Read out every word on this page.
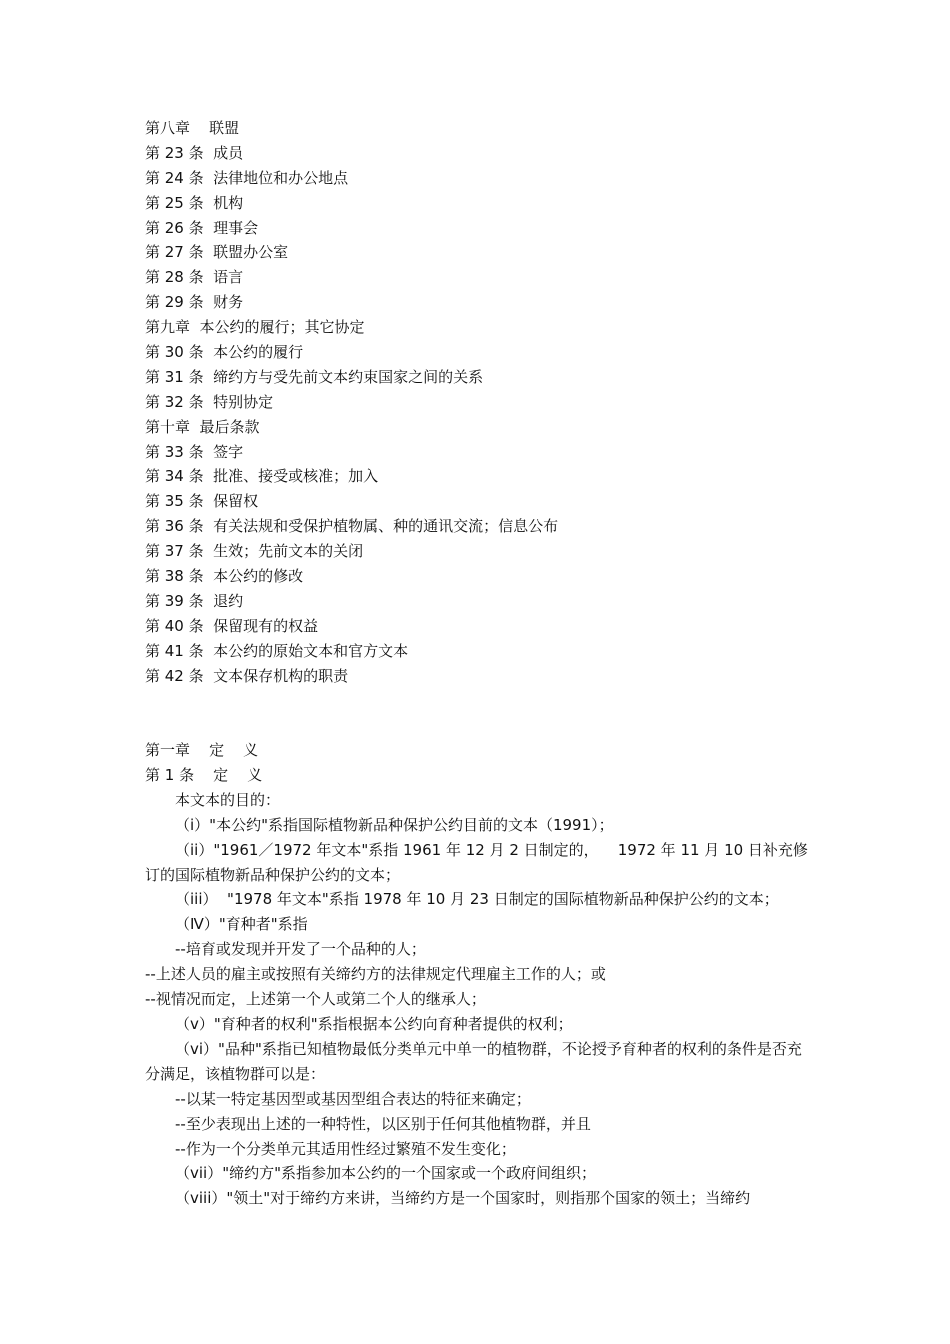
第八章    联盟
第 23 条  成员
第 24 条  法律地位和办公地点
第 25 条  机构
第 26 条  理事会
第 27 条  联盟办公室
第 28 条  语言
第 29 条  财务
第九章  本公约的履行；其它协定
第 30 条  本公约的履行
第 31 条  缔约方与受先前文本约束国家之间的关系
第 32 条  特别协定
第十章  最后条款
第 33 条  签字
第 34 条  批准、接受或核准；加入
第 35 条  保留权
第 36 条  有关法规和受保护植物属、种的通讯交流；信息公布
第 37 条  生效；先前文本的关闭
第 38 条  本公约的修改
第 39 条  退约
第 40 条  保留现有的权益
第 41 条  本公约的原始文本和官方文本
第 42 条  文本保存机构的职责
第一章    定    义
第 1 条    定    义
本文本的目的：
（i）"本公约"系指国际植物新品种保护公约目前的文本（1991）；
（ii）"1961／1972 年文本"系指 1961 年 12 月 2 日制定的，    1972 年 11 月 10 日补充修订的国际植物新品种保护公约的文本；
（iii）  "1978 年文本"系指 1978 年 10 月 23 日制定的国际植物新品种保护公约的文本；
（Ⅳ）"育种者"系指
--培育或发现并开发了一个品种的人；
--上述人员的雇主或按照有关缔约方的法律规定代理雇主工作的人；或
--视情况而定，上述第一个人或第二个人的继承人；
（v）"育种者的权利"系指根据本公约向育种者提供的权利；
（vi）"品种"系指已知植物最低分类单元中单一的植物群，不论授予育种者的权利的条件是否充分满足，该植物群可以是：
--以某一特定基因型或基因型组合表达的特征来确定；
--至少表现出上述的一种特性，以区别于任何其他植物群，并且
--作为一个分类单元其适用性经过繁殖不发生变化；
（vii）"缔约方"系指参加本公约的一个国家或一个政府间组织；
（viii）"领土"对于缔约方来讲，当缔约方是一个国家时，则指那个国家的领土；当缔约
